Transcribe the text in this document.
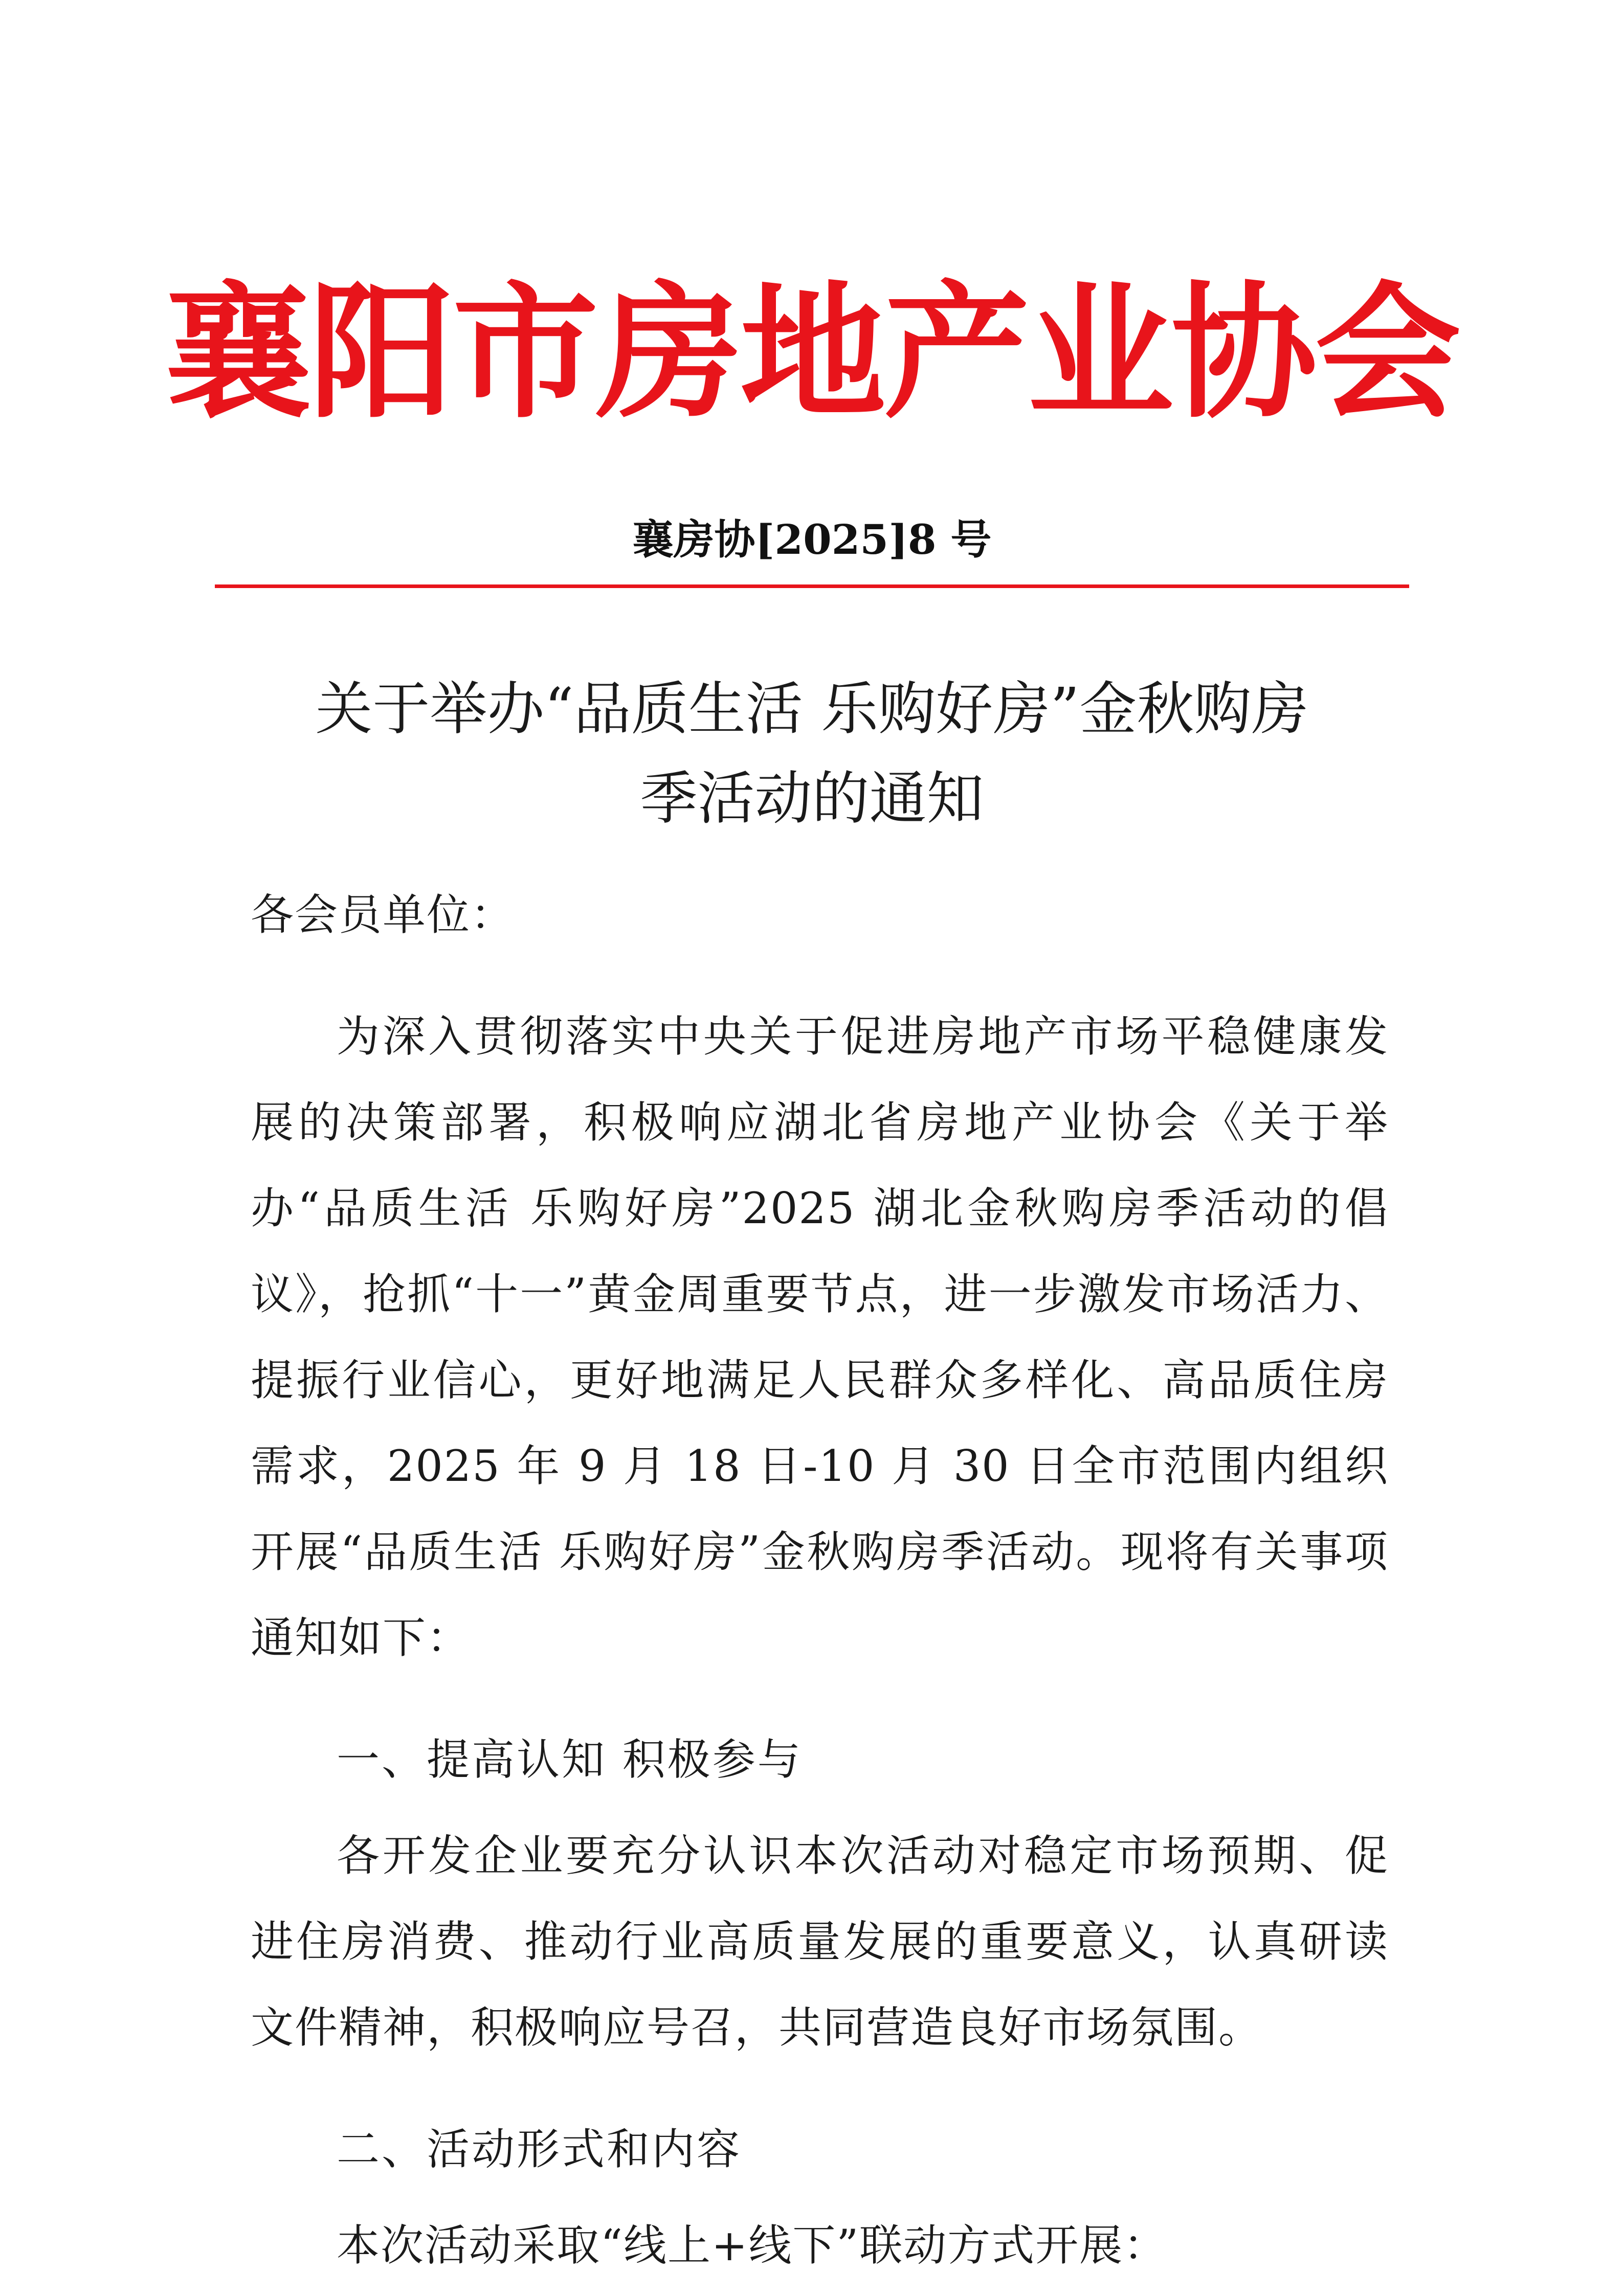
襄阳市房地产业协会
襄房协[2025]8 号
关于举办“品质生活 乐购好房”金秋购房
季活动的通知

各会员单位：

为深入贯彻落实中央关于促进房地产市场平稳健康发展的决策部署，积极响应湖北省房地产业协会《关于举办“品质生活 乐购好房”2025 湖北金秋购房季活动的倡议》，抢抓“十一”黄金周重要节点，进一步激发市场活力、提振行业信心，更好地满足人民群众多样化、高品质住房需求，2025 年 9 月 18 日-10 月 30 日全市范围内组织开展“品质生活 乐购好房”金秋购房季活动。现将有关事项通知如下：

一、提高认知 积极参与

各开发企业要充分认识本次活动对稳定市场预期、促进住房消费、推动行业高质量发展的重要意义，认真研读文件精神，积极响应号召，共同营造良好市场氛围。

二、活动形式和内容

本次活动采取“线上+线下”联动方式开展：
